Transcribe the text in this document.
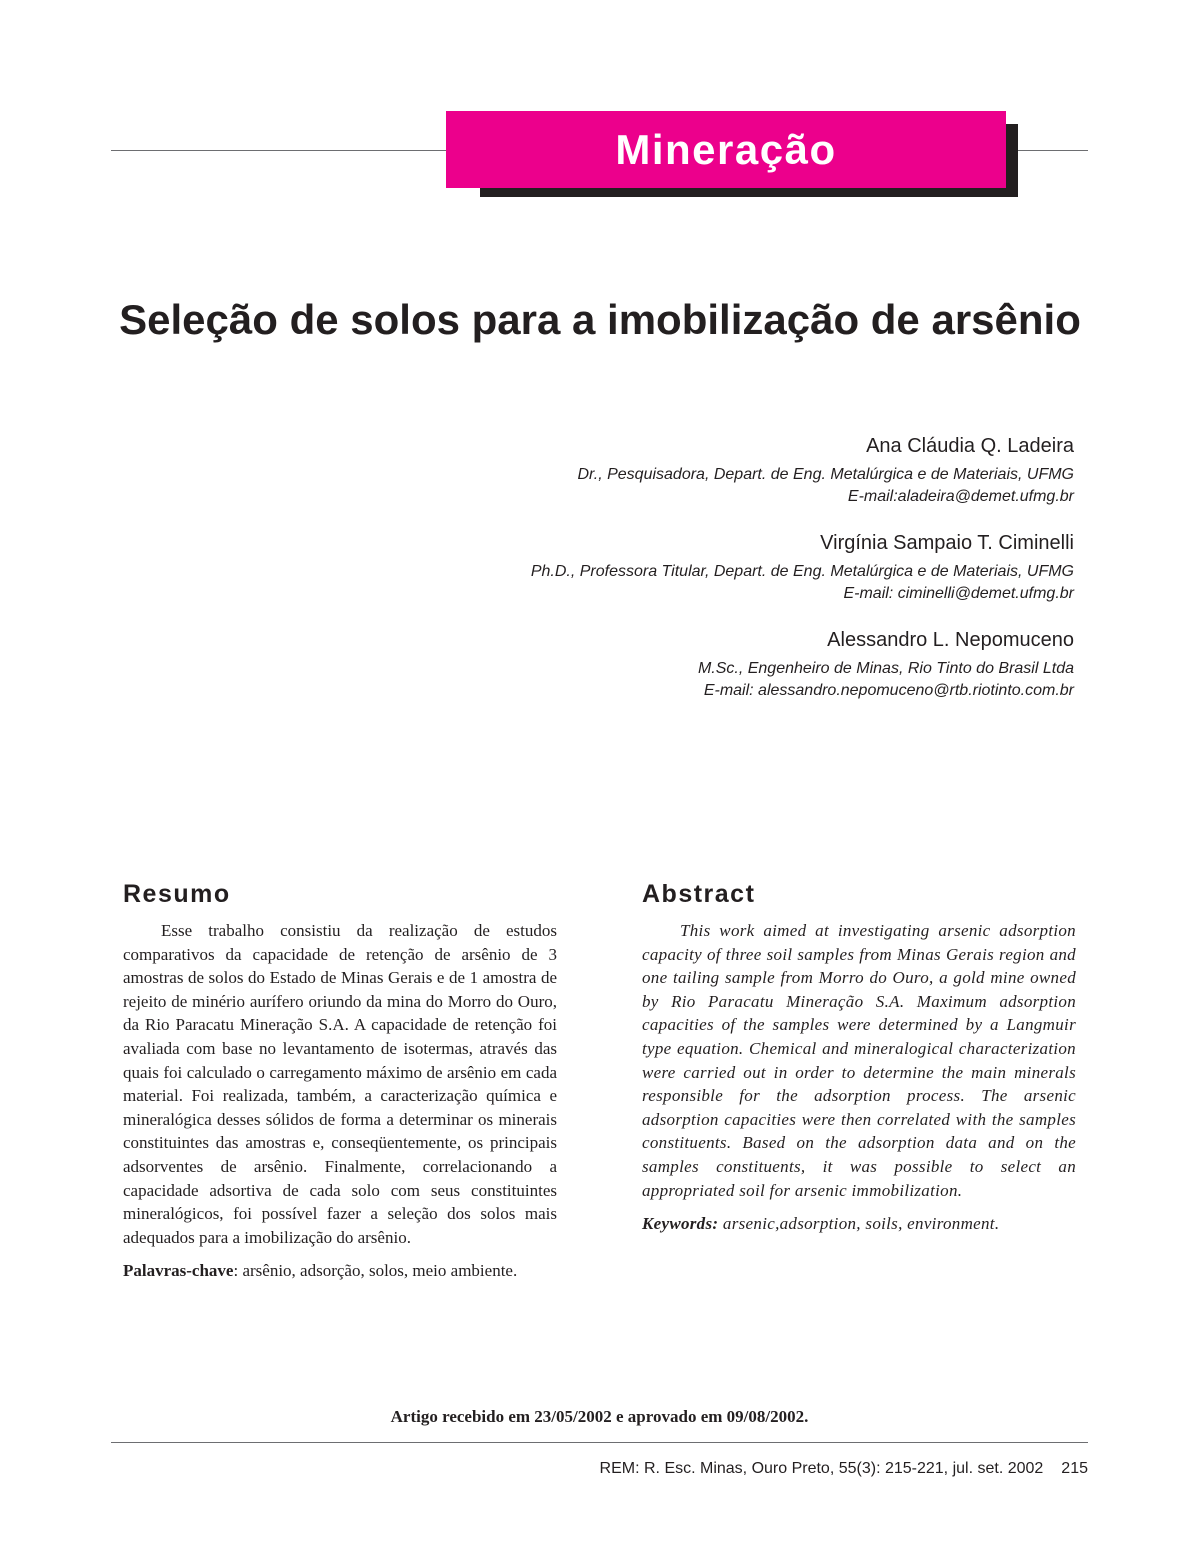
Mineração
Seleção de solos para a imobilização de arsênio
Ana Cláudia Q. Ladeira
Dr., Pesquisadora, Depart. de Eng. Metalúrgica e de Materiais, UFMG
E-mail:aladeira@demet.ufmg.br
Virgínia Sampaio T. Ciminelli
Ph.D., Professora Titular, Depart. de Eng. Metalúrgica e de Materiais, UFMG
E-mail: ciminelli@demet.ufmg.br
Alessandro L. Nepomuceno
M.Sc., Engenheiro de Minas, Rio Tinto do Brasil Ltda
E-mail: alessandro.nepomuceno@rtb.riotinto.com.br
Resumo

Esse trabalho consistiu da realização de estudos comparativos da capacidade de retenção de arsênio de 3 amostras de solos do Estado de Minas Gerais e de 1 amostra de rejeito de minério aurífero oriundo da mina do Morro do Ouro, da Rio Paracatu Mineração S.A. A capacidade de retenção foi avaliada com base no levantamento de isotermas, através das quais foi calculado o carregamento máximo de arsênio em cada material. Foi realizada, também, a caracterização química e mineralógica desses sólidos de forma a determinar os minerais constituintes das amostras e, conseqüentemente, os principais adsorventes de arsênio. Finalmente, correlacionando a capacidade adsortiva de cada solo com seus constituintes mineralógicos, foi possível fazer a seleção dos solos mais adequados para a imobilização do arsênio.

Palavras-chave: arsênio, adsorção, solos, meio ambiente.

Abstract

This work aimed at investigating arsenic adsorption capacity of three soil samples from Minas Gerais region and one tailing sample from Morro do Ouro, a gold mine owned by Rio Paracatu Mineração S.A. Maximum adsorption capacities of the samples were determined by a Langmuir type equation. Chemical and mineralogical characterization were carried out in order to determine the main minerals responsible for the adsorption process. The arsenic adsorption capacities were then correlated with the samples constituents. Based on the adsorption data and on the samples constituents, it was possible to select an appropriated soil for arsenic immobilization.

Keywords: arsenic,adsorption, soils, environment.

Artigo recebido em 23/05/2002 e aprovado em 09/08/2002.
REM: R. Esc. Minas, Ouro Preto, 55(3): 215-221, jul. set. 2002 215
